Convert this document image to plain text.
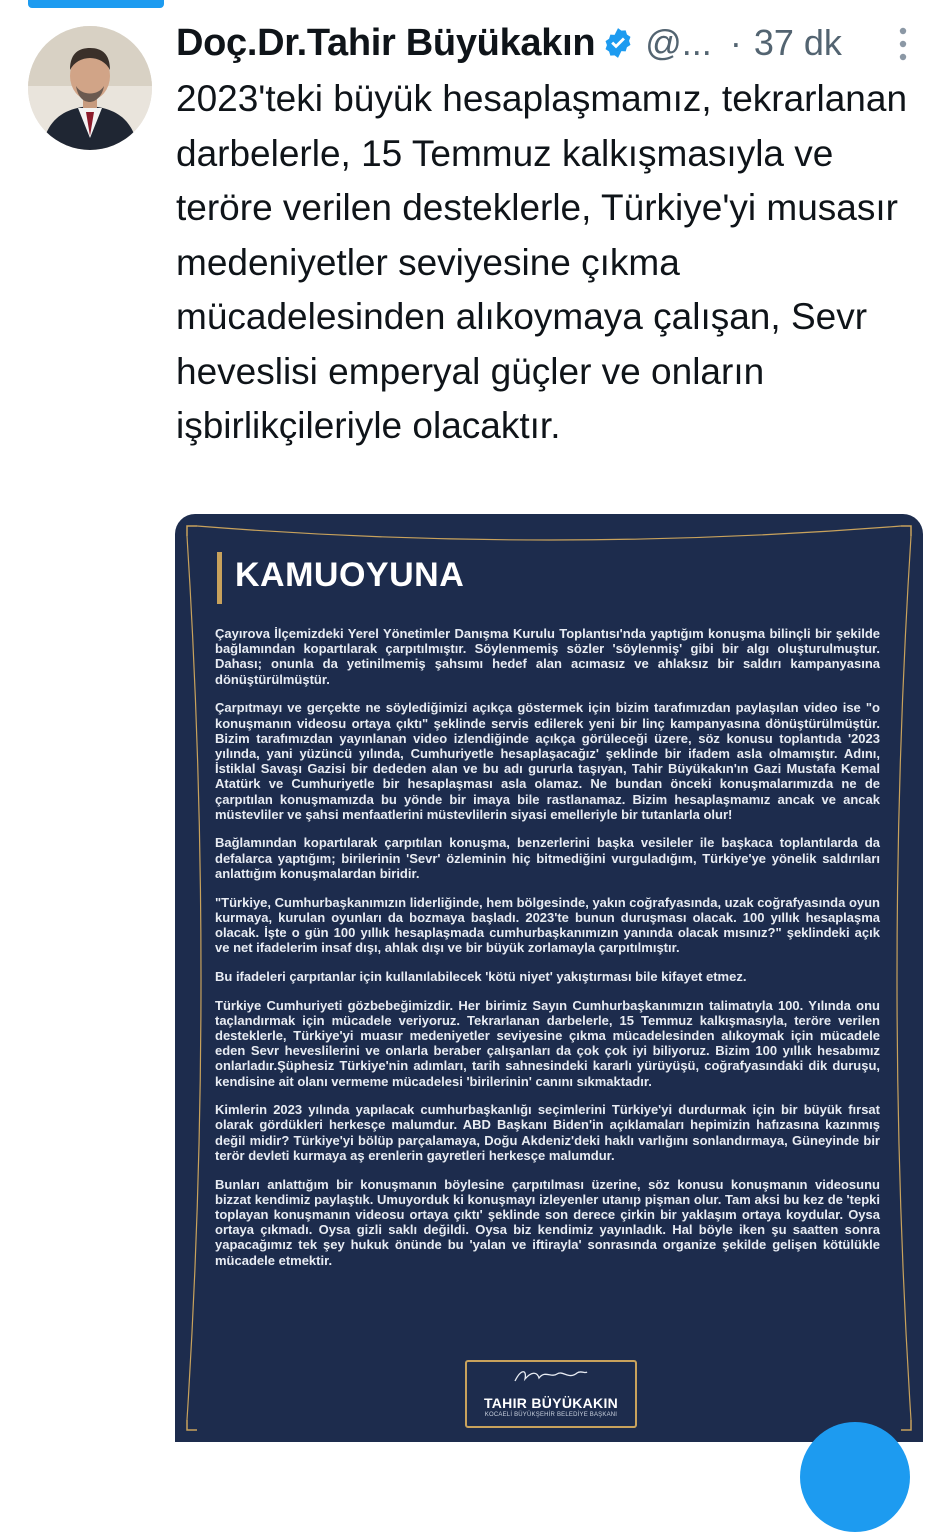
Doç.Dr.Tahir Büyükakın @... · 37 dk

2023'teki büyük hesaplaşmamız, tekrarlanan darbelerle, 15 Temmuz kalkışmasıyla ve teröre verilen desteklerle, Türkiye'yi musasır medeniyetler seviyesine çıkma mücadelesinden alıkoymaya çalışan, Sevr heveslisi emperyal güçler ve onların işbirlikçileriyle olacaktır.

KAMUOYUNA

Çayırova İlçemizdeki Yerel Yönetimler Danışma Kurulu Toplantısı'nda yaptığım konuşma bilinçli bir şekilde bağlamından kopartılarak çarpıtılmıştır. Söylenmemiş sözler 'söylenmiş' gibi bir algı oluşturulmuştur. Dahası; onunla da yetinilmemiş şahsımı hedef alan acımasız ve ahlaksız bir saldırı kampanyasına dönüştürülmüştür.

Çarpıtmayı ve gerçekte ne söylediğimizi açıkça göstermek için bizim tarafımızdan paylaşılan video ise "o konuşmanın videosu ortaya çıktı" şeklinde servis edilerek yeni bir linç kampanyasına dönüştürülmüştür. Bizim tarafımızdan yayınlanan video izlendiğinde açıkça görüleceği üzere, söz konusu toplantıda '2023 yılında, yani yüzüncü yılında, Cumhuriyetle hesaplaşacağız' şeklinde bir ifadem asla olmamıştır. Adını, İstiklal Savaşı Gazisi bir dededen alan ve bu adı gururla taşıyan, Tahir Büyükakın'ın Gazi Mustafa Kemal Atatürk ve Cumhuriyetle bir hesaplaşması asla olamaz. Ne bundan önceki konuşmalarımızda ne de çarpıtılan konuşmamızda bu yönde bir imaya bile rastlanamaz. Bizim hesaplaşmamız ancak ve ancak müstevliler ve şahsi menfaatlerini müstevlilerin siyasi emelleriyle bir tutanlarla olur!

Bağlamından kopartılarak çarpıtılan konuşma, benzerlerini başka vesileler ile başkaca toplantılarda da defalarca yaptığım; birilerinin 'Sevr' özleminin hiç bitmediğini vurguladığım, Türkiye'ye yönelik saldırıları anlattığım konuşmalardan biridir.

"Türkiye, Cumhurbaşkanımızın liderliğinde, hem bölgesinde, yakın coğrafyasında, uzak coğrafyasında oyun kurmaya, kurulan oyunları da bozmaya başladı. 2023'te bunun duruşması olacak. 100 yıllık hesaplaşma olacak. İşte o gün 100 yıllık hesaplaşmada cumhurbaşkanımızın yanında olacak mısınız?" şeklindeki açık ve net ifadelerim insaf dışı, ahlak dışı ve bir büyük zorlamayla çarpıtılmıştır.

Bu ifadeleri çarpıtanlar için kullanılabilecek 'kötü niyet' yakıştırması bile kifayet etmez.

Türkiye Cumhuriyeti gözbebeğimizdir. Her birimiz Sayın Cumhurbaşkanımızın talimatıyla 100. Yılında onu taçlandırmak için mücadele veriyoruz. Tekrarlanan darbelerle, 15 Temmuz kalkışmasıyla, teröre verilen desteklerle, Türkiye'yi muasır medeniyetler seviyesine çıkma mücadelesinden alıkoymak için mücadele eden Sevr heveslilerini ve onlarla beraber çalışanları da çok çok iyi biliyoruz. Bizim 100 yıllık hesabımız onlarladır.Şüphesiz Türkiye'nin adımları, tarih sahnesindeki kararlı yürüyüşü, coğrafyasındaki dik duruşu, kendisine ait olanı vermeme mücadelesi 'birilerinin' canını sıkmaktadır.

Kimlerin 2023 yılında yapılacak cumhurbaşkanlığı seçimlerini Türkiye'yi durdurmak için bir büyük fırsat olarak gördükleri herkesçe malumdur. ABD Başkanı Biden'in açıklamaları hepimizin hafızasına kazınmış değil midir? Türkiye'yi bölüp parçalamaya, Doğu Akdeniz'deki haklı varlığını sonlandırmaya, Güneyinde bir terör devleti kurmaya aş erenlerin gayretleri herkesçe malumdur.

Bunları anlattığım bir konuşmanın böylesine çarpıtılması üzerine, söz konusu konuşmanın videosunu bizzat kendimiz paylaştık. Umuyorduk ki konuşmayı izleyenler utanıp pişman olur. Tam aksi bu kez de 'tepki toplayan konuşmanın videosu ortaya çıktı' şeklinde son derece çirkin bir yaklaşım ortaya koydular. Oysa ortaya çıkmadı. Oysa gizli saklı değildi. Oysa biz kendimiz yayınladık. Hal böyle iken şu saatten sonra yapacağımız tek şey hukuk önünde bu 'yalan ve iftirayla' sonrasında organize şekilde gelişen kötülükle mücadele etmektir.

TAHIR BÜYÜKAKIN
KOCAELİ BÜYÜKŞEHİR BELEDİYE BAŞKANI
